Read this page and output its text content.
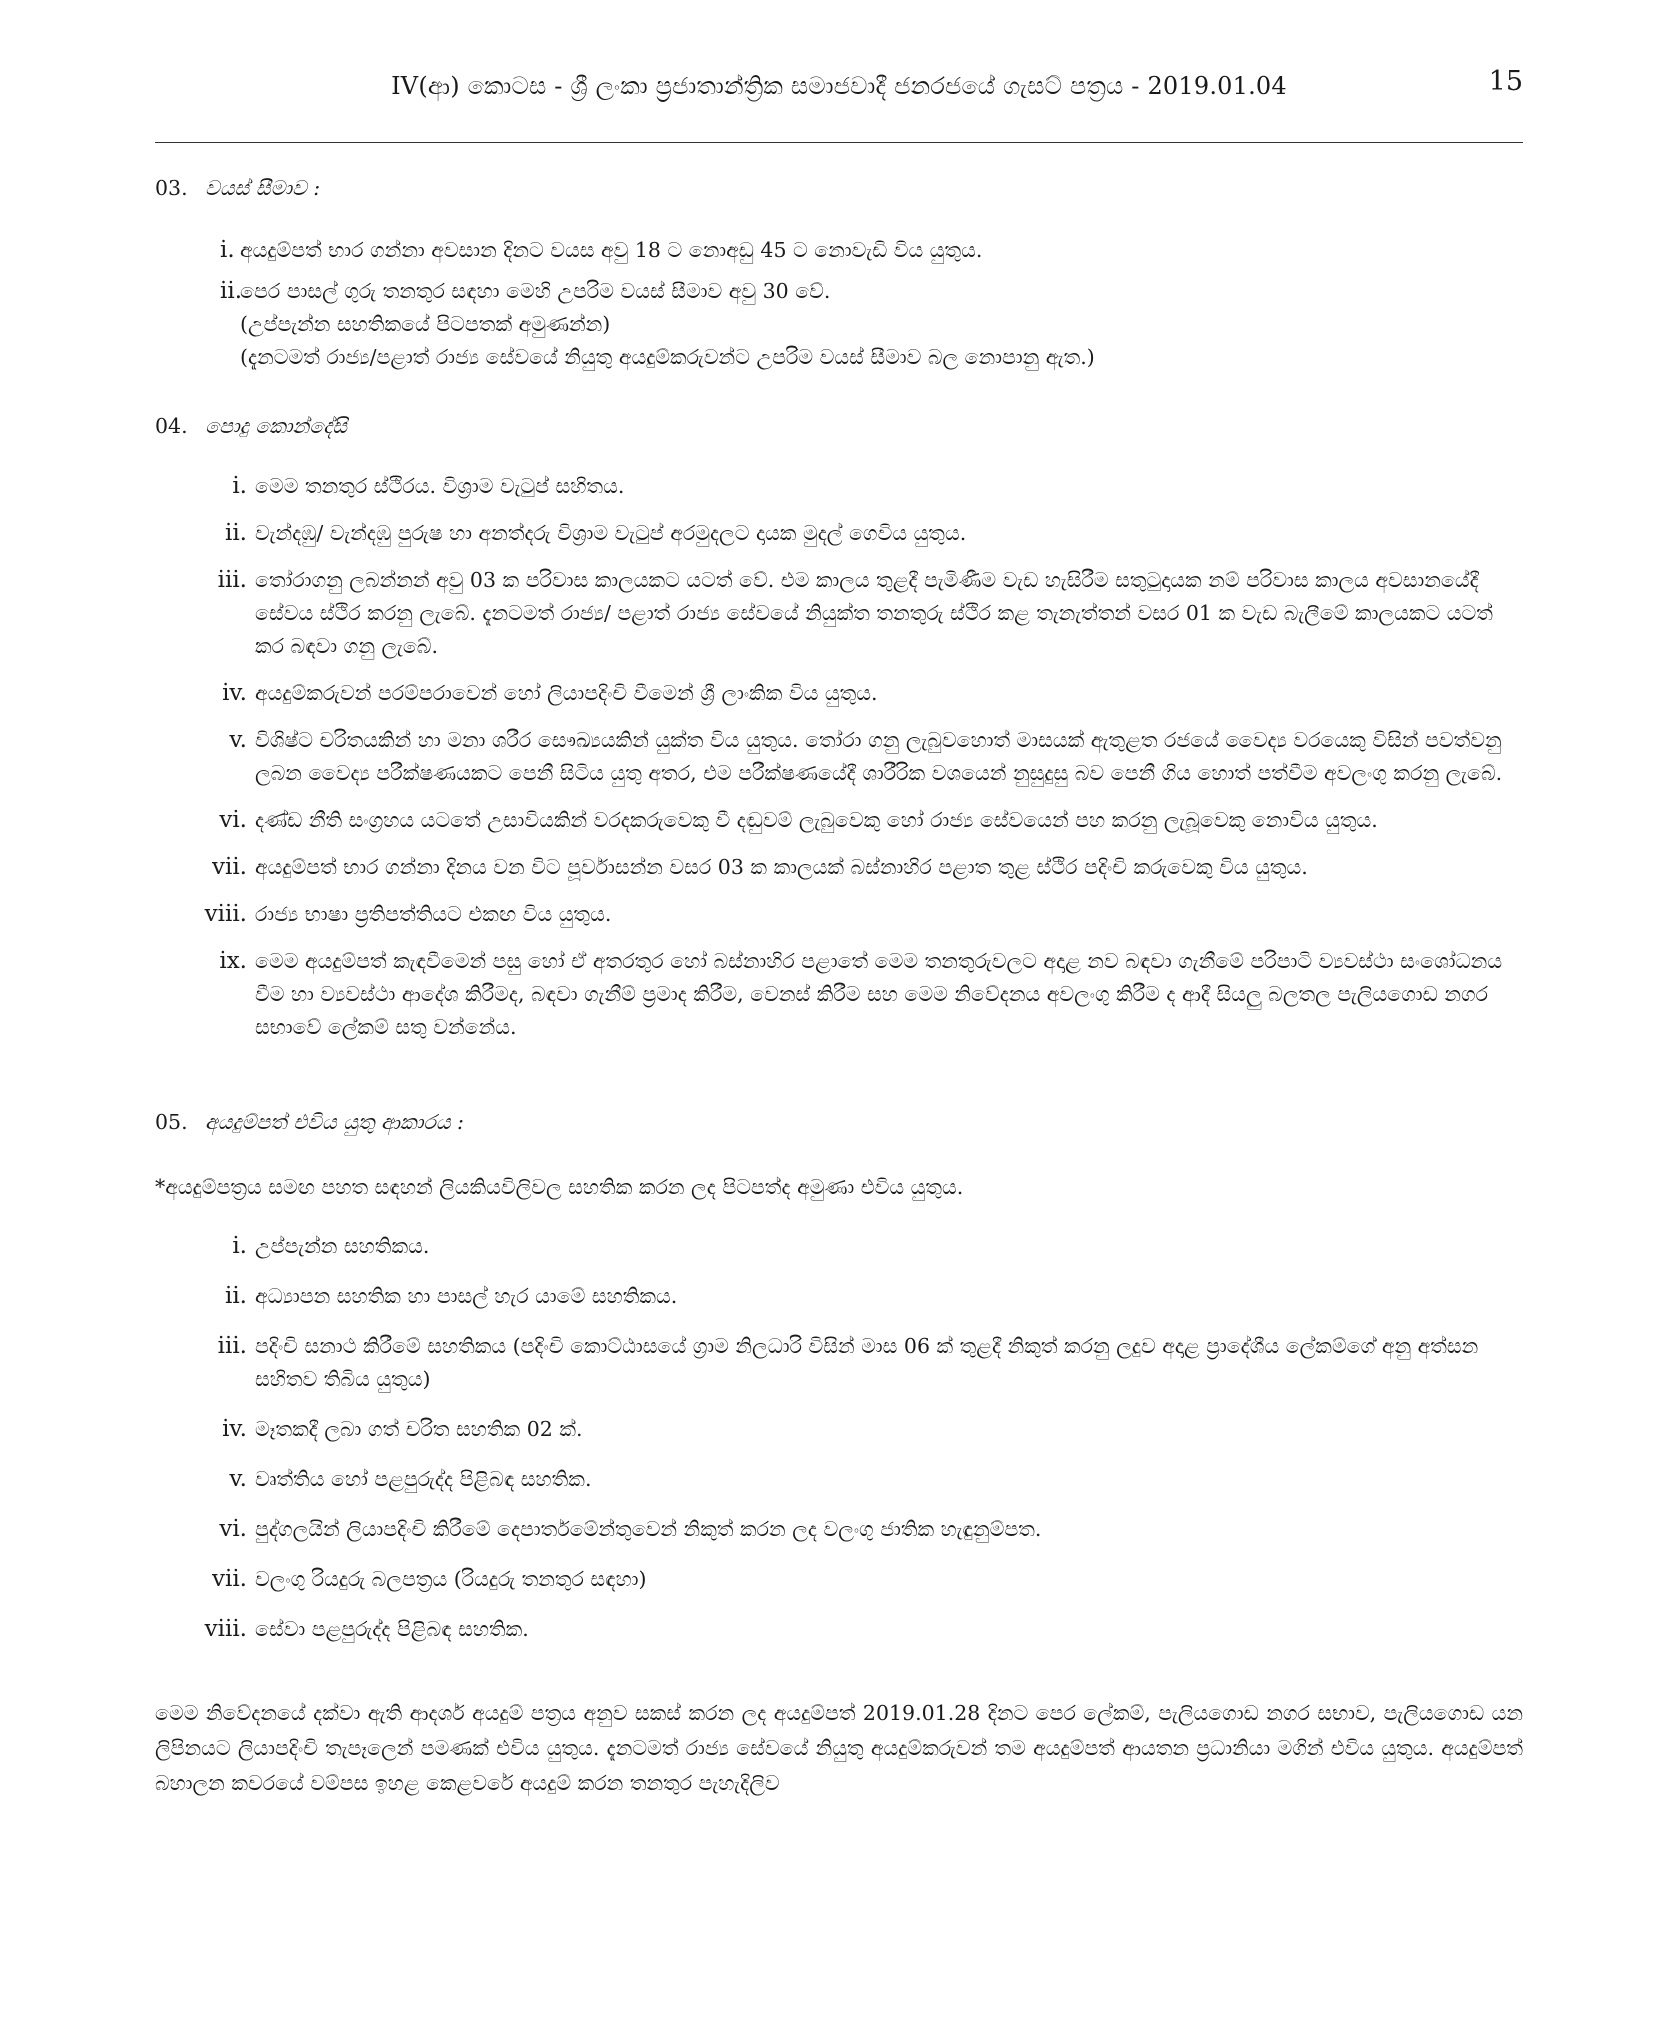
IV(ආ) කොටස - ශ්‍රී ලංකා ප්‍රජාතාන්ත්‍රික සමාජවාදී ජනරජයේ ගැසට් පත්‍රය - 2019.01.04	15

03. වයස් සීමාව :

i. අයදුම්පත් භාර ගන්නා අවසාන දිනට වයස අවු 18 ට නොඅඩු 45 ට නොවැඩි විය යුතුය.
ii.
පෙර පාසල් ගුරු තනතුර සඳහා මෙහි උපරිම වයස් සීමාව අවු 30 වේ.
(උප්පැන්න සහතිකයේ පිටපතක් අමුණන්න)
(දැනටමත් රාජ්‍ය/පළාත් රාජ්‍ය සේවයේ නියුතු අයදුම්කරුවන්ට උපරිම වයස් සීමාව බල නොපානු ඇත.)

04. පොදු කොන්දේසි

i. මෙම තනතුර ස්ථිරය. විශ්‍රාම වැටුප් සහිතය.
ii. වැන්දඹු/ වැන්දඹු පුරුෂ හා අනත්දරු විශ්‍රාම වැටුප් අරමුදලට දායක මුදල් ගෙවිය යුතුය.
iii. තෝරාගනු ලබන්නන් අවු 03 ක පරිවාස කාලයකට යටත් වේ. එම කාලය තුළදී පැමිණීම වැඩ හැසිරීම සතුටුදායක නම් පරිවාස කාලය අවසානයේදී සේවය ස්ථිර කරනු ලැබේ. දැනටමත් රාජ්‍ය/ පළාත් රාජ්‍ය සේවයේ නියුක්ත තනතුරු ස්ථිර කළ තැනැත්තන් වසර 01 ක වැඩ බැලීමේ කාලයකට යටත් කර බඳවා ගනු ලැබේ.
iv. අයදුම්කරුවන් පරම්පරාවෙන් හෝ ලියාපදිංචි වීමෙන් ශ්‍රී ලාංකික විය යුතුය.
v. විශිෂ්ට චරිතයකින් හා මනා ශරීර සෞඛ්‍යයකින් යුක්ත විය යුතුය. තෝරා ගනු ලැබුවහොත් මාසයක් ඇතුළත රජයේ වෛද්‍ය වරයෙකු විසින් පවත්වනු ලබන වෛද්‍ය පරීක්ෂණයකට පෙනී සිටිය යුතු අතර, එම පරීක්ෂණයේදී ශාරීරික වශයෙන් නුසුදුසු බව පෙනී ගිය හොත් පත්වීම අවලංගු කරනු ලැබේ.
vi. දණ්ඩ නීති සංග්‍රහය යටතේ උසාවියකින් වරදකරුවෙකු වී දඬුවම් ලැබුවෙකු හෝ රාජ්‍ය සේවයෙන් පහ කරනු ලැබූවෙකු නොවිය යුතුය.
vii. අයදුම්පත් භාර ගන්නා දිනය වන විට පූර්වාසන්න වසර 03 ක කාලයක් බස්නාහිර පළාත තුළ ස්ථිර පදිංචි කරුවෙකු විය යුතුය.
viii. රාජ්‍ය භාෂා ප්‍රතිපත්තියට එකඟ විය යුතුය.
ix. මෙම අයදුම්පත් කැඳවීමෙන් පසු හෝ ඒ අතරතුර හෝ බස්නාහිර පළාතේ මෙම තනතුරුවලට අදාළ නව බඳවා ගැනීමේ පරිපාටි ව්‍යවස්ථා සංශෝධනය වීම හා ව්‍යවස්ථා ආදේශ කිරීමද, බඳවා ගැනීම් ප්‍රමාද කිරීම, වෙනස් කිරීම සහ මෙම නිවේදනය අවලංගු කිරීම ද ආදී සියලු බලතල පැලියගොඩ නගර සභාවේ ලේකම් සතු වන්නේය.

05. අයදුම්පත් එවිය යුතු ආකාරය :

*අයදුම්පත්‍රය සමඟ පහත සඳහන් ලියකියවිලිවල සහතික කරන ලද පිටපත්ද අමුණා එවිය යුතුය.

i. උප්පැන්න සහතිකය.
ii. අධ්‍යාපන සහතික හා පාසල් හැර යාමේ සහතිකය.
iii. පදිංචි සනාථ කිරීමේ සහතිකය (පදිංචි කොට්ඨාසයේ ග්‍රාම නිලධාරි විසින් මාස 06 ක් තුළදී නිකුත් කරනු ලදුව අදාළ ප්‍රාදේශීය ලේකම්ගේ අනු අත්සන සහිතව තිබිය යුතුය)
iv. මෑතකදී ලබා ගත් චරිත සහතික 02 ක්.
v. වෘත්තිය හෝ පළපුරුද්ද පිළිබඳ සහතික.
vi. පුද්ගලයින් ලියාපදිංචි කිරීමේ දෙපාර්තමේන්තුවෙන් නිකුත් කරන ලද වලංගු ජාතික හැඳුනුම්පත.
vii. වලංගු රියදුරු බලපත්‍රය (රියදුරු තනතුර සඳහා)
viii. සේවා පළපුරුද්ද පිළිබඳ සහතික.

මෙම නිවේදනයේ දක්වා ඇති ආදර්ශ අයදුම් පත්‍රය අනුව සකස් කරන ලද අයදුම්පත් 2019.01.28 දිනට පෙර ලේකම්, පැලියගොඩ නගර සභාව, පැලියගොඩ යන ලිපිනයට ලියාපදිංචි තැපෑලෙන් පමණක් එවිය යුතුය. දැනටමත් රාජ්‍ය සේවයේ නියුතු අයදුම්කරුවන් තම අයදුම්පත් ආයතන ප්‍රධානියා මගින් එවිය යුතුය. අයදුම්පත් බහාලන කවරයේ වම්පස ඉහළ කෙළවරේ අයදුම් කරන තනතුර පැහැදිලිව
